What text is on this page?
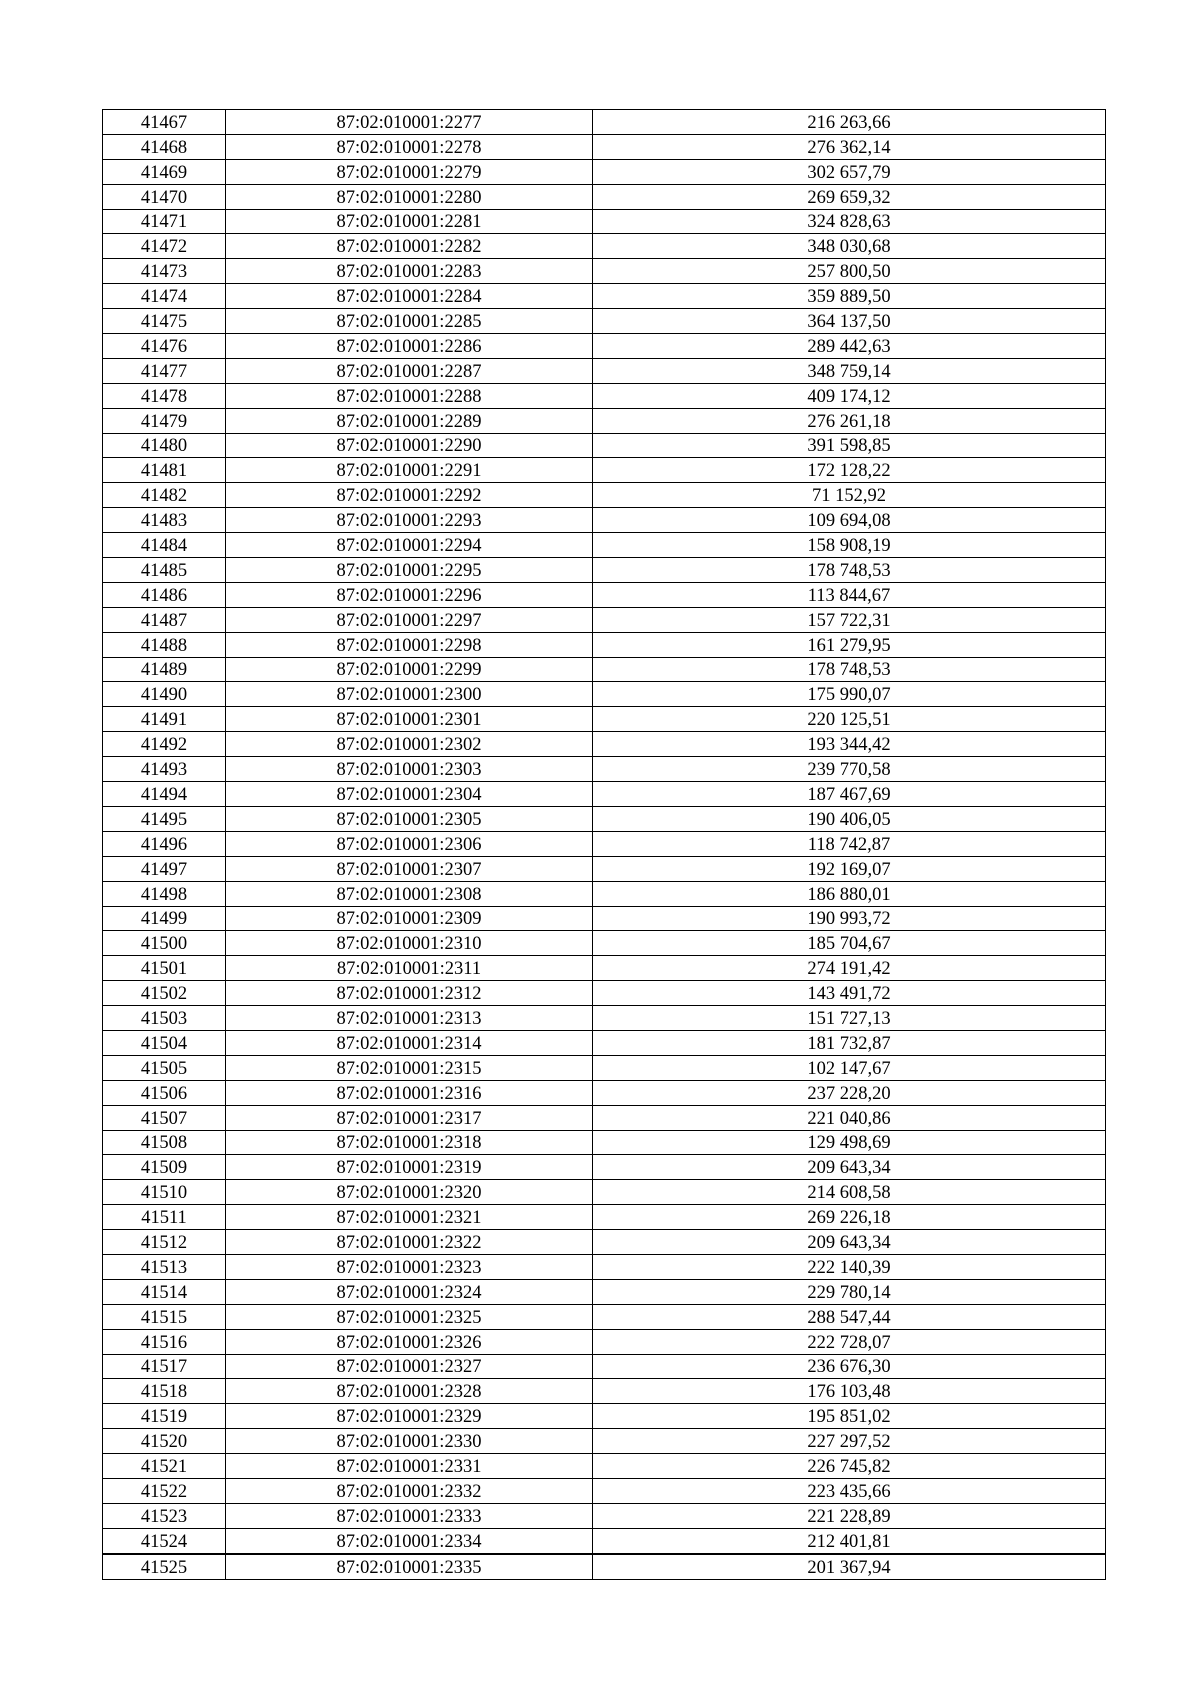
41467	87:02:010001:2277	216 263,66
41468	87:02:010001:2278	276 362,14
41469	87:02:010001:2279	302 657,79
41470	87:02:010001:2280	269 659,32
41471	87:02:010001:2281	324 828,63
41472	87:02:010001:2282	348 030,68
41473	87:02:010001:2283	257 800,50
41474	87:02:010001:2284	359 889,50
41475	87:02:010001:2285	364 137,50
41476	87:02:010001:2286	289 442,63
41477	87:02:010001:2287	348 759,14
41478	87:02:010001:2288	409 174,12
41479	87:02:010001:2289	276 261,18
41480	87:02:010001:2290	391 598,85
41481	87:02:010001:2291	172 128,22
41482	87:02:010001:2292	71 152,92
41483	87:02:010001:2293	109 694,08
41484	87:02:010001:2294	158 908,19
41485	87:02:010001:2295	178 748,53
41486	87:02:010001:2296	113 844,67
41487	87:02:010001:2297	157 722,31
41488	87:02:010001:2298	161 279,95
41489	87:02:010001:2299	178 748,53
41490	87:02:010001:2300	175 990,07
41491	87:02:010001:2301	220 125,51
41492	87:02:010001:2302	193 344,42
41493	87:02:010001:2303	239 770,58
41494	87:02:010001:2304	187 467,69
41495	87:02:010001:2305	190 406,05
41496	87:02:010001:2306	118 742,87
41497	87:02:010001:2307	192 169,07
41498	87:02:010001:2308	186 880,01
41499	87:02:010001:2309	190 993,72
41500	87:02:010001:2310	185 704,67
41501	87:02:010001:2311	274 191,42
41502	87:02:010001:2312	143 491,72
41503	87:02:010001:2313	151 727,13
41504	87:02:010001:2314	181 732,87
41505	87:02:010001:2315	102 147,67
41506	87:02:010001:2316	237 228,20
41507	87:02:010001:2317	221 040,86
41508	87:02:010001:2318	129 498,69
41509	87:02:010001:2319	209 643,34
41510	87:02:010001:2320	214 608,58
41511	87:02:010001:2321	269 226,18
41512	87:02:010001:2322	209 643,34
41513	87:02:010001:2323	222 140,39
41514	87:02:010001:2324	229 780,14
41515	87:02:010001:2325	288 547,44
41516	87:02:010001:2326	222 728,07
41517	87:02:010001:2327	236 676,30
41518	87:02:010001:2328	176 103,48
41519	87:02:010001:2329	195 851,02
41520	87:02:010001:2330	227 297,52
41521	87:02:010001:2331	226 745,82
41522	87:02:010001:2332	223 435,66
41523	87:02:010001:2333	221 228,89
41524	87:02:010001:2334	212 401,81
41525	87:02:010001:2335	201 367,94
